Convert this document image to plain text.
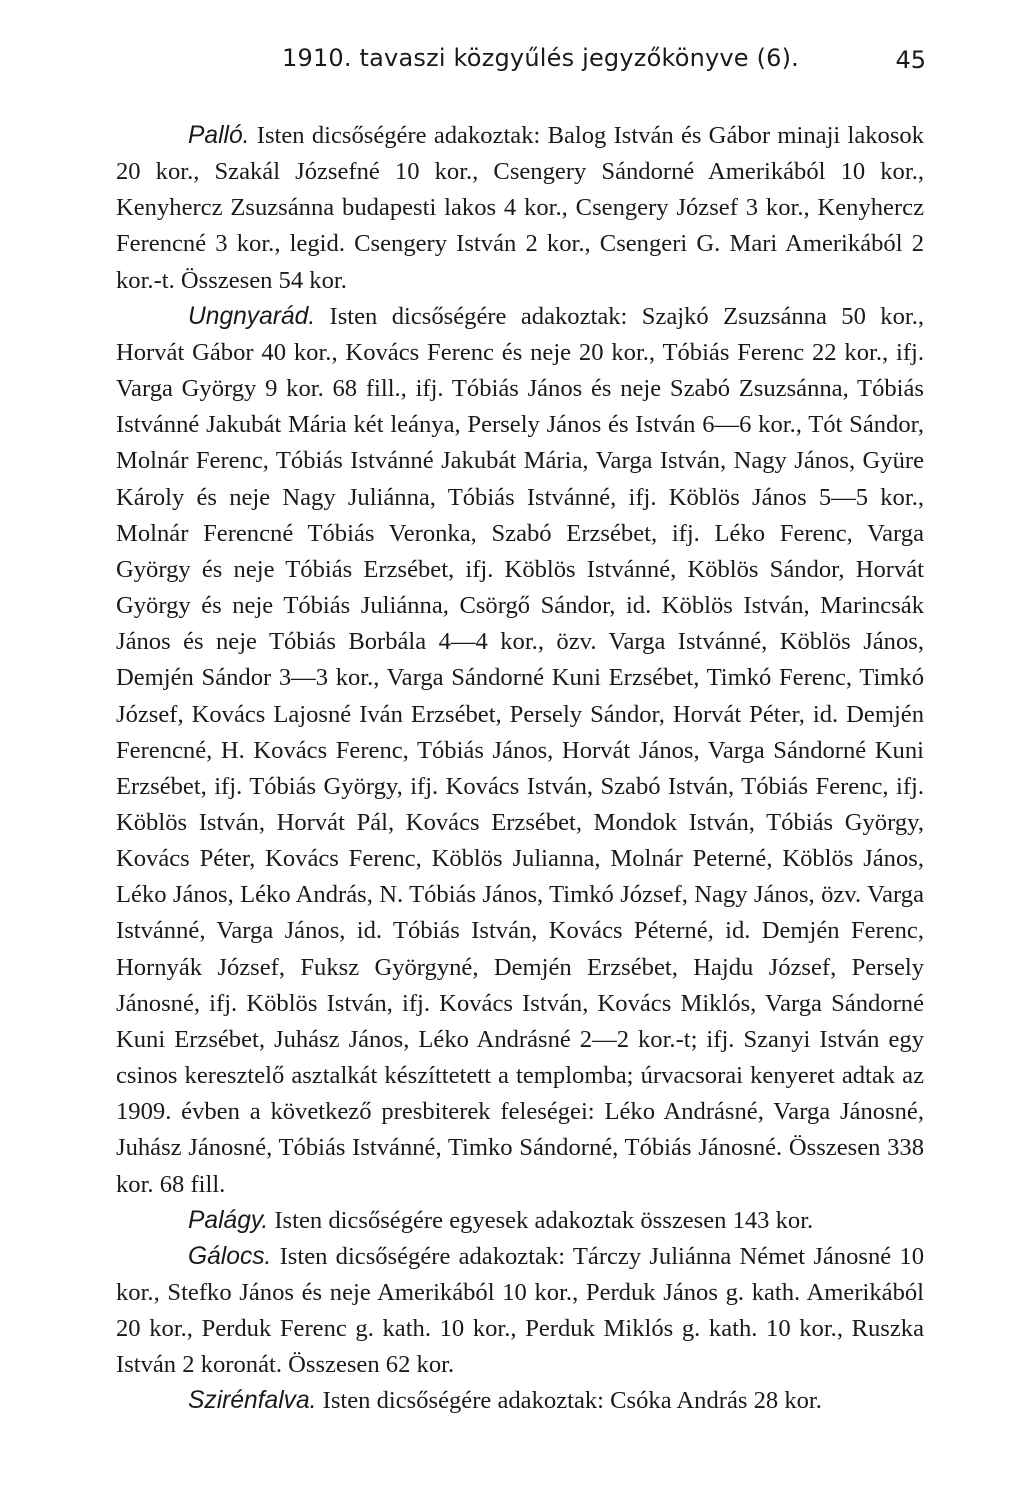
1910. tavaszi közgyűlés jegyzőkönyve (6).	45

Palló. Isten dicsőségére adakoztak: Balog István és Gábor minaji lakosok 20 kor., Szakál Józsefné 10 kor., Csengery Sándorné Amerikából 10 kor., Kenyhercz Zsuzsánna budapesti lakos 4 kor., Csengery József 3 kor., Kenyhercz Ferencné 3 kor., legid. Csengery István 2 kor., Csengeri G. Mari Amerikából 2 kor.-t. Összesen 54 kor.

Ungnyarád. Isten dicsőségére adakoztak: Szajkó Zsuzsánna 50 kor., Horvát Gábor 40 kor., Kovács Ferenc és neje 20 kor., Tóbiás Ferenc 22 kor., ifj. Varga György 9 kor. 68 fill., ifj. Tóbiás János és neje Szabó Zsuzsánna, Tóbiás Istvánné Jakubát Mária két leánya, Persely János és István 6—6 kor., Tót Sándor, Molnár Ferenc, Tóbiás Istvánné Jakubát Mária, Varga István, Nagy János, Gyüre Károly és neje Nagy Juliánna, Tóbiás Istvánné, ifj. Köblös János 5—5 kor., Molnár Ferencné Tóbiás Veronka, Szabó Erzsébet, ifj. Léko Ferenc, Varga György és neje Tóbiás Erzsébet, ifj. Köblös Istvánné, Köblös Sándor, Horvát György és neje Tóbiás Juliánna, Csörgő Sándor, id. Köblös István, Marincsák János és neje Tóbiás Borbála 4—4 kor., özv. Varga Istvánné, Köblös János, Demjén Sándor 3—3 kor., Varga Sándorné Kuni Erzsébet, Timkó Ferenc, Timkó József, Kovács Lajosné Iván Erzsébet, Persely Sándor, Horvát Péter, id. Demjén Ferencné, H. Kovács Ferenc, Tóbiás János, Horvát János, Varga Sándorné Kuni Erzsébet, ifj. Tóbiás György, ifj. Kovács István, Szabó István, Tóbiás Ferenc, ifj. Köblös István, Horvát Pál, Kovács Erzsébet, Mondok István, Tóbiás György, Kovács Péter, Kovács Ferenc, Köblös Julianna, Molnár Peterné, Köblös János, Léko János, Léko András, N. Tóbiás János, Timkó József, Nagy János, özv. Varga Istvánné, Varga János, id. Tóbiás István, Kovács Péterné, id. Demjén Ferenc, Hornyák József, Fuksz Györgyné, Demjén Erzsébet, Hajdu József, Persely Jánosné, ifj. Köblös István, ifj. Kovács István, Kovács Miklós, Varga Sándorné Kuni Erzsébet, Juhász János, Léko Andrásné 2—2 kor.-t; ifj. Szanyi István egy csinos keresztelő asztalkát készíttetett a templomba; úrvacsorai kenyeret adtak az 1909. évben a következő presbiterek feleségei: Léko Andrásné, Varga Jánosné, Juhász Jánosné, Tóbiás Istvánné, Timko Sándorné, Tóbiás Jánosné. Összesen 338 kor. 68 fill.

Palágy. Isten dicsőségére egyesek adakoztak összesen 143 kor.

Gálocs. Isten dicsőségére adakoztak: Tárczy Juliánna Német Jánosné 10 kor., Stefko János és neje Amerikából 10 kor., Perduk János g. kath. Amerikából 20 kor., Perduk Ferenc g. kath. 10 kor., Perduk Miklós g. kath. 10 kor., Ruszka István 2 koronát. Összesen 62 kor.

Szirénfalva. Isten dicsőségére adakoztak: Csóka András 28 kor.
